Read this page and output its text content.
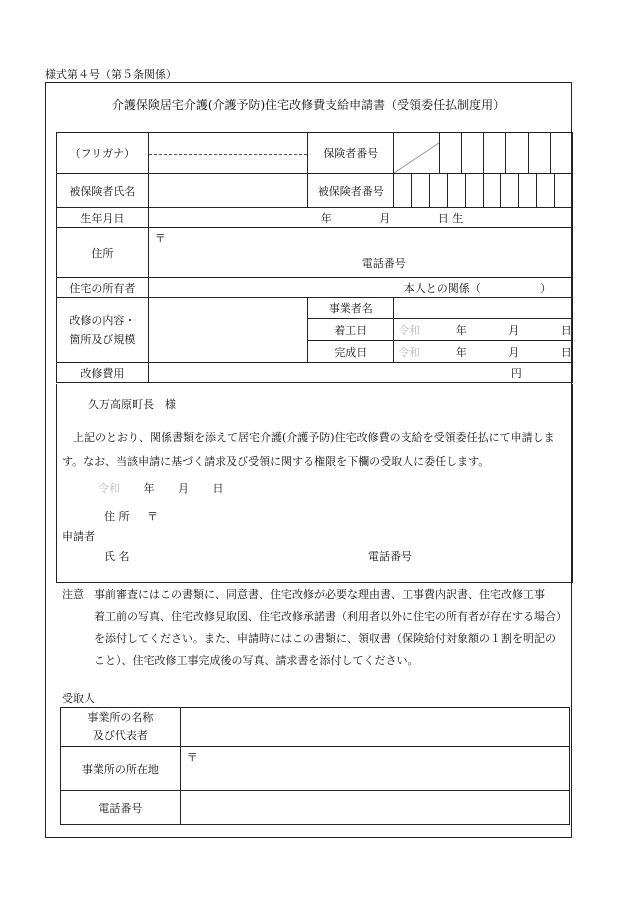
様式第４号（第５条関係）
介護保険居宅介護(介護予防)住宅改修費支給申請書（受領委任払制度用）
（フリガナ）		保険者番号	

被保険者氏名		被保険者番号	

生年月日	年 月 日 生		
住所	〒
電話番号		

住宅の所有者	本人との関係（ ）		

改修の内容・箇所及び規模		事業者名	
		着工日	令和 年 月 日
		完成日	令和 年 月 日
改修費用	円		
久万高原町長　様
上記のとおり、関係書類を添えて居宅介護(介護予防)住宅改修費の支給を受領委任払にて申請します。なお、当該申請に基づく請求及び受領に関する権限を下欄の受取人に委任します。
令和 年 月 日
住 所 〒
申請者
氏 名	電話番号
注意 事前審査にはこの書類に、同意書、住宅改修が必要な理由書、工事費内訳書、住宅改修工事
着工前の写真、住宅改修見取図、住宅改修承諾書（利用者以外に住宅の所有者が存在する場合）
を添付してください。また、申請時にはこの書類に、領収書（保険給付対象額の１割を明記の
こと）、住宅改修工事完成後の写真、請求書を添付してください。
受取人
事業所の名称
及び代表者	

事業所の所在地	〒
電話番号	
